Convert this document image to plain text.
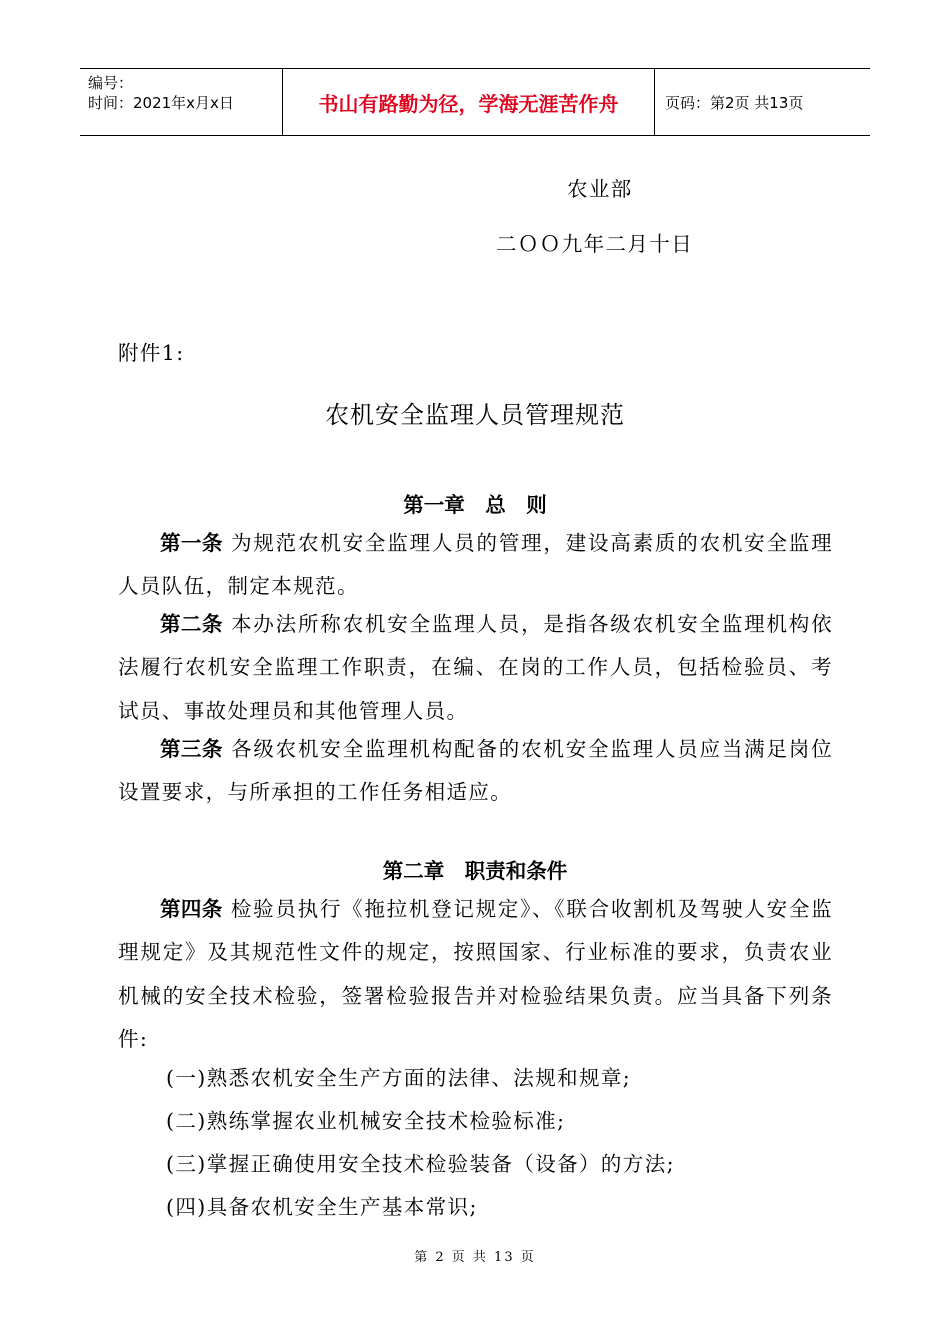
编号：
时间：2021年x月x日	书山有路勤为径，学海无涯苦作舟	页码：第2页 共13页
农业部
二ＯＯ九年二月十日
附件1:
农机安全监理人员管理规范
第一章　总　则
第一条 为规范农机安全监理人员的管理，建设高素质的农机安全监理人员队伍，制定本规范。
第二条 本办法所称农机安全监理人员，是指各级农机安全监理机构依法履行农机安全监理工作职责，在编、在岗的工作人员，包括检验员、考试员、事故处理员和其他管理人员。
第三条 各级农机安全监理机构配备的农机安全监理人员应当满足岗位设置要求，与所承担的工作任务相适应。
第二章　职责和条件
第四条 检验员执行《拖拉机登记规定》、《联合收割机及驾驶人安全监理规定》及其规范性文件的规定，按照国家、行业标准的要求，负责农业机械的安全技术检验，签署检验报告并对检验结果负责。应当具备下列条件:
(一)熟悉农机安全生产方面的法律、法规和规章;
(二)熟练掌握农业机械安全技术检验标准;
(三)掌握正确使用安全技术检验装备（设备）的方法;
(四)具备农机安全生产基本常识;
第 2 页 共 13 页
